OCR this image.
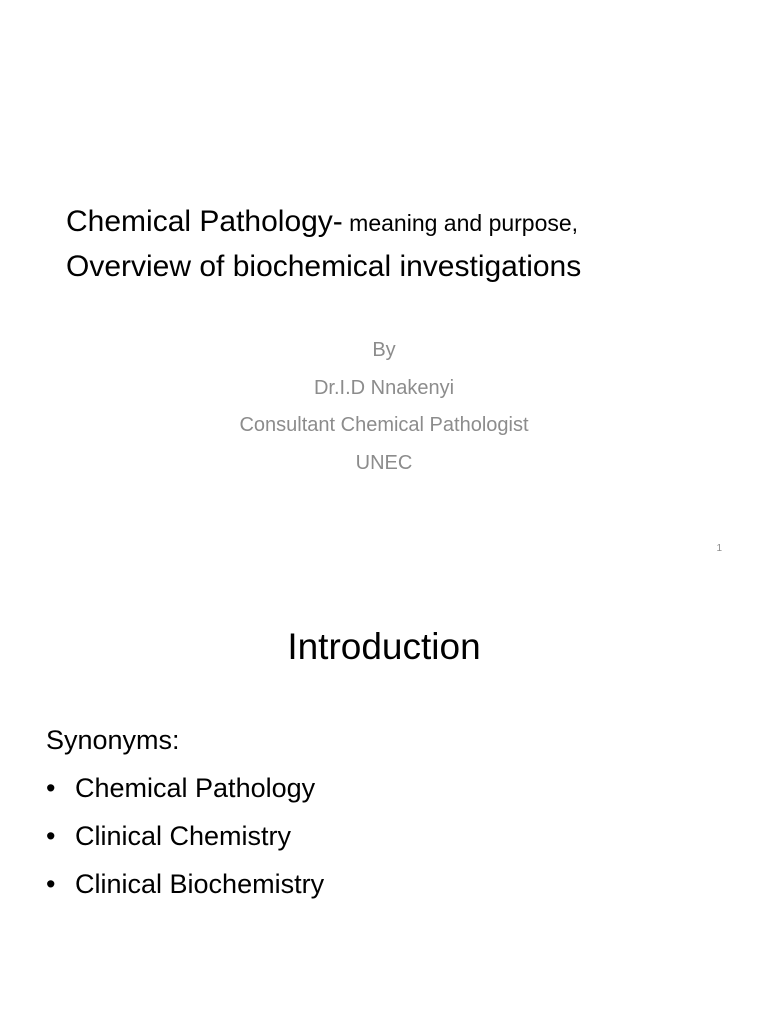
Chemical Pathology- meaning and purpose,
Overview of biochemical investigations
By
Dr.I.D Nnakenyi
Consultant Chemical Pathologist
UNEC
1
Introduction
Synonyms:
• Chemical Pathology
• Clinical Chemistry
• Clinical Biochemistry
